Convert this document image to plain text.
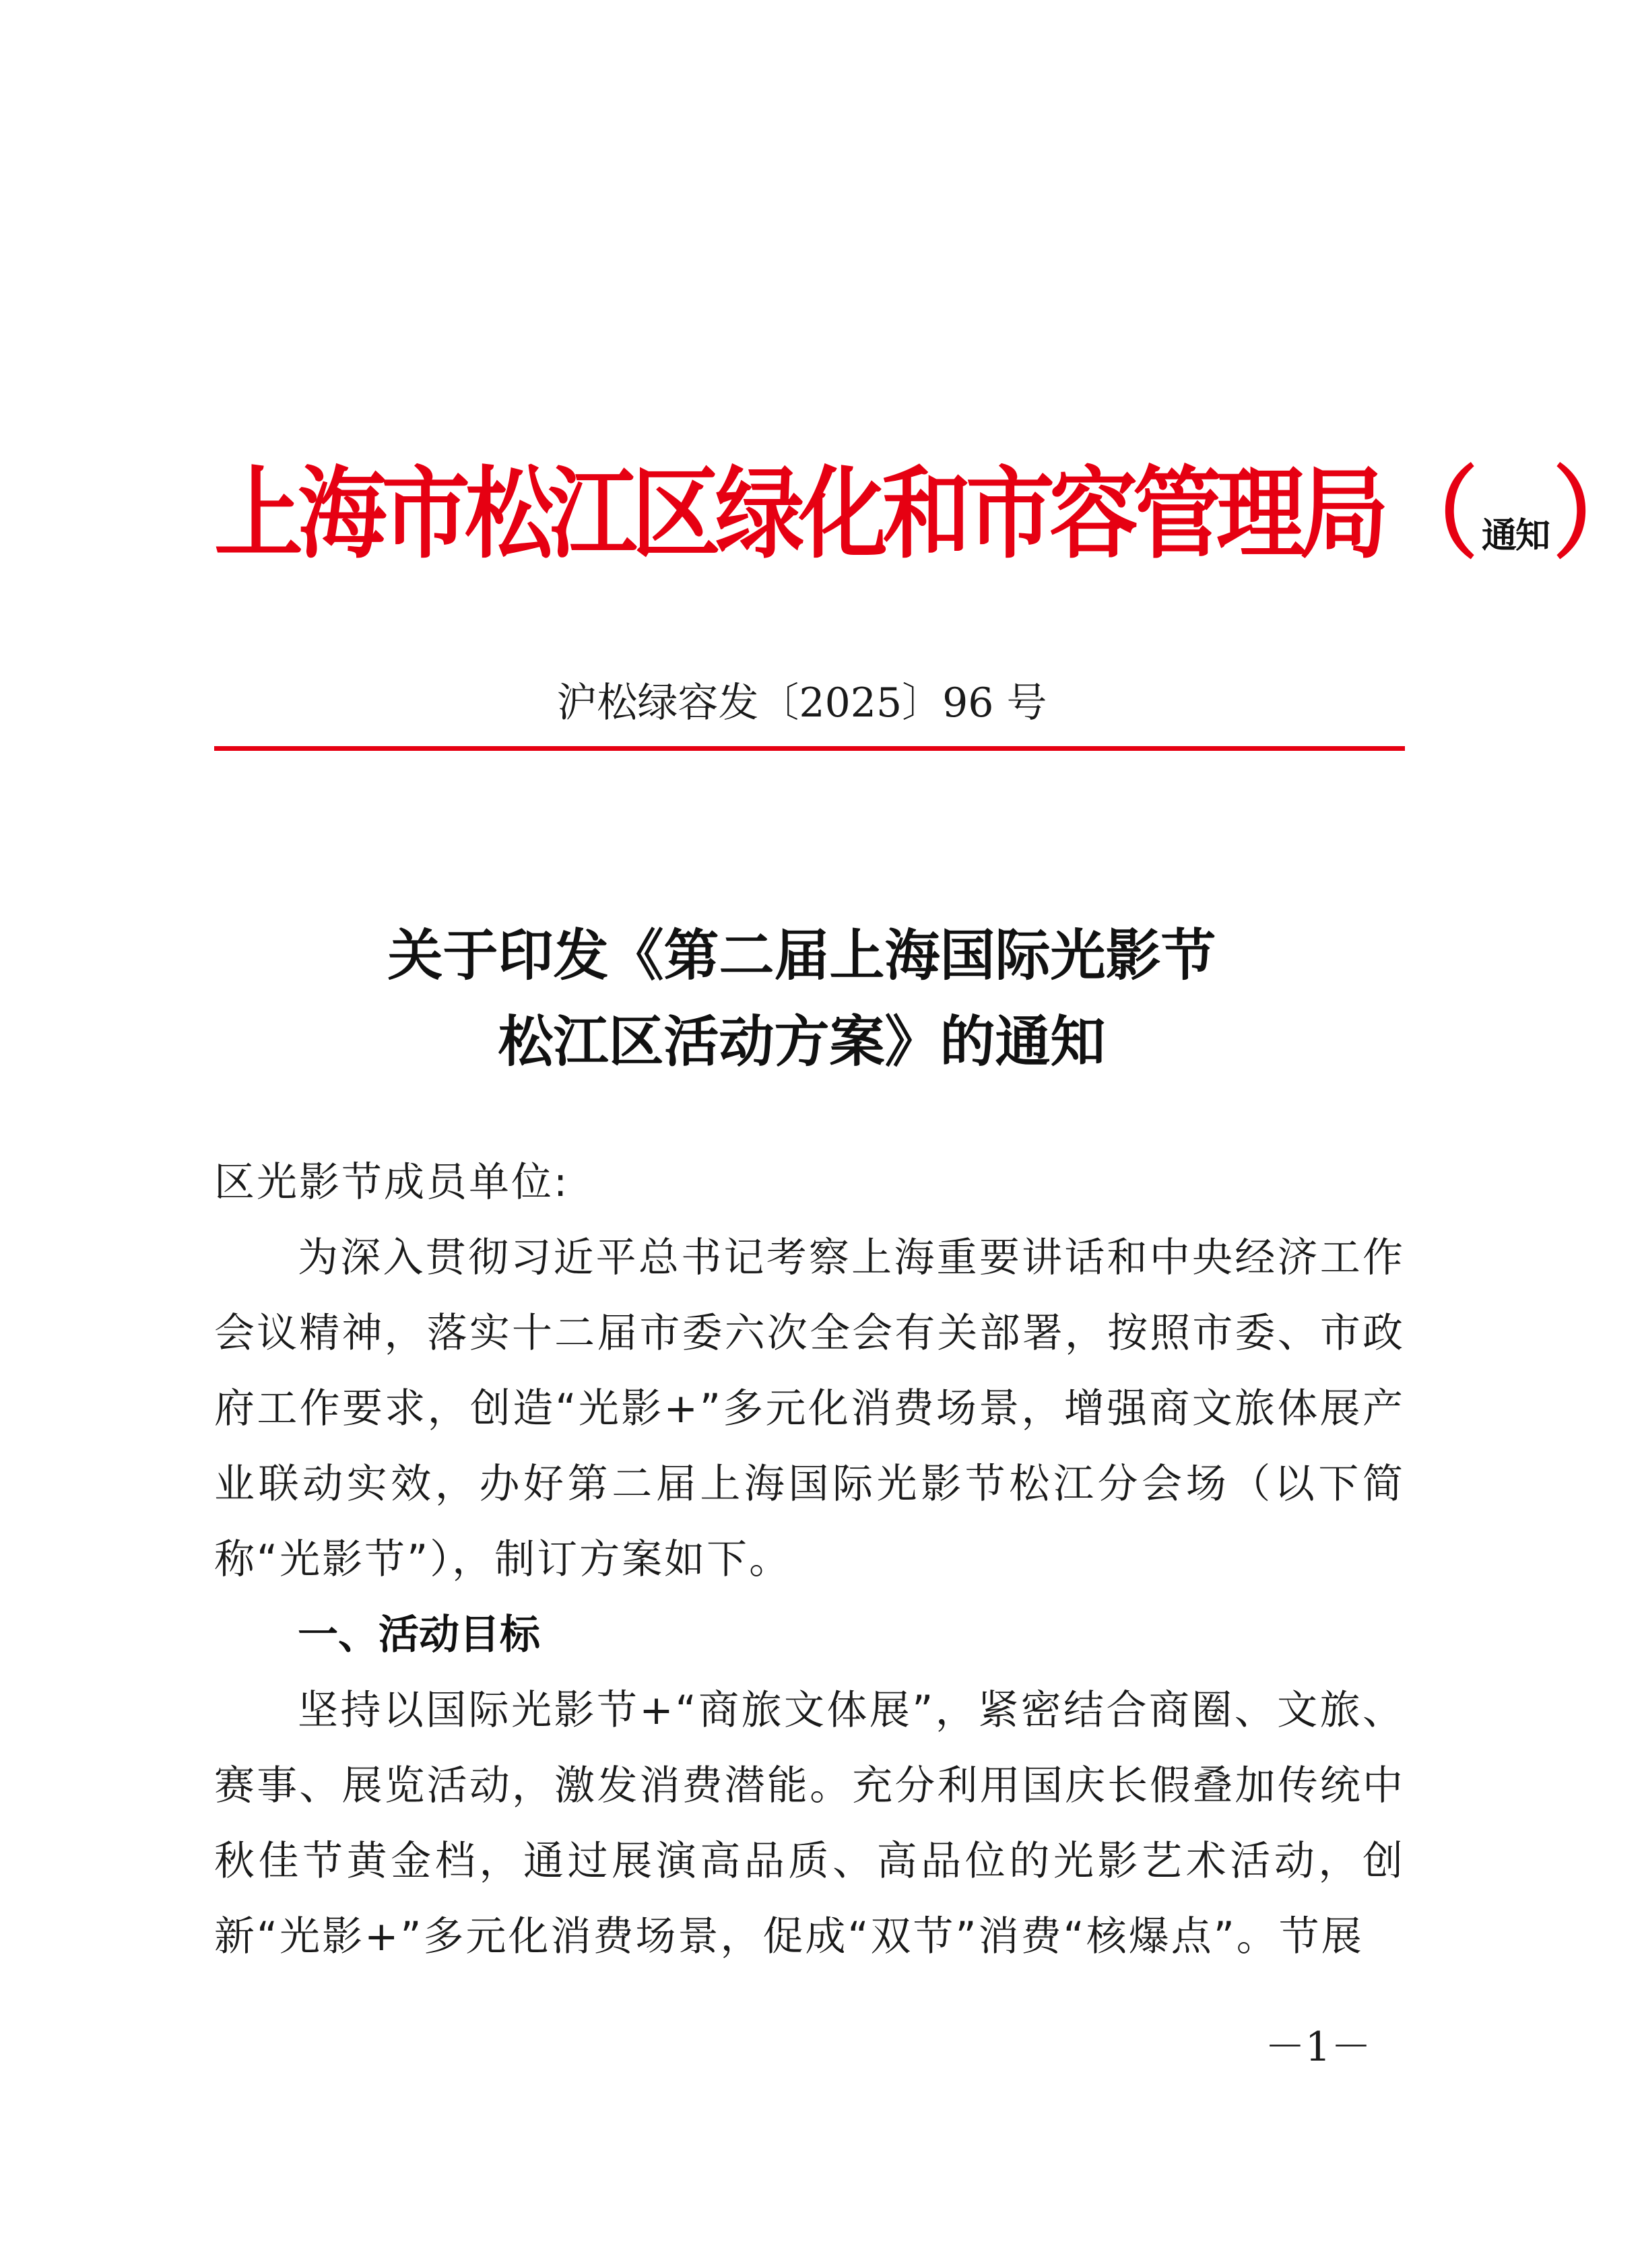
上海市松江区绿化和市容管理局 （ 通知 ）
沪松绿容发〔2025〕96 号
关于印发《第二届上海国际光影节
松江区活动方案》的通知

区光影节成员单位:

为深入贯彻习近平总书记考察上海重要讲话和中央经济工作会议精神，落实十二届市委六次全会有关部署，按照市委、市政府工作要求，创造“光影+”多元化消费场景，增强商文旅体展产业联动实效，办好第二届上海国际光影节松江分会场（以下简称“光影节”），制订方案如下。

一、活动目标

坚持以国际光影节+“商旅文体展”，紧密结合商圈、文旅、赛事、展览活动，激发消费潜能。充分利用国庆长假叠加传统中秋佳节黄金档，通过展演高品质、高品位的光影艺术活动，创新“光影+”多元化消费场景，促成“双节”消费“核爆点”。节展

－1－
